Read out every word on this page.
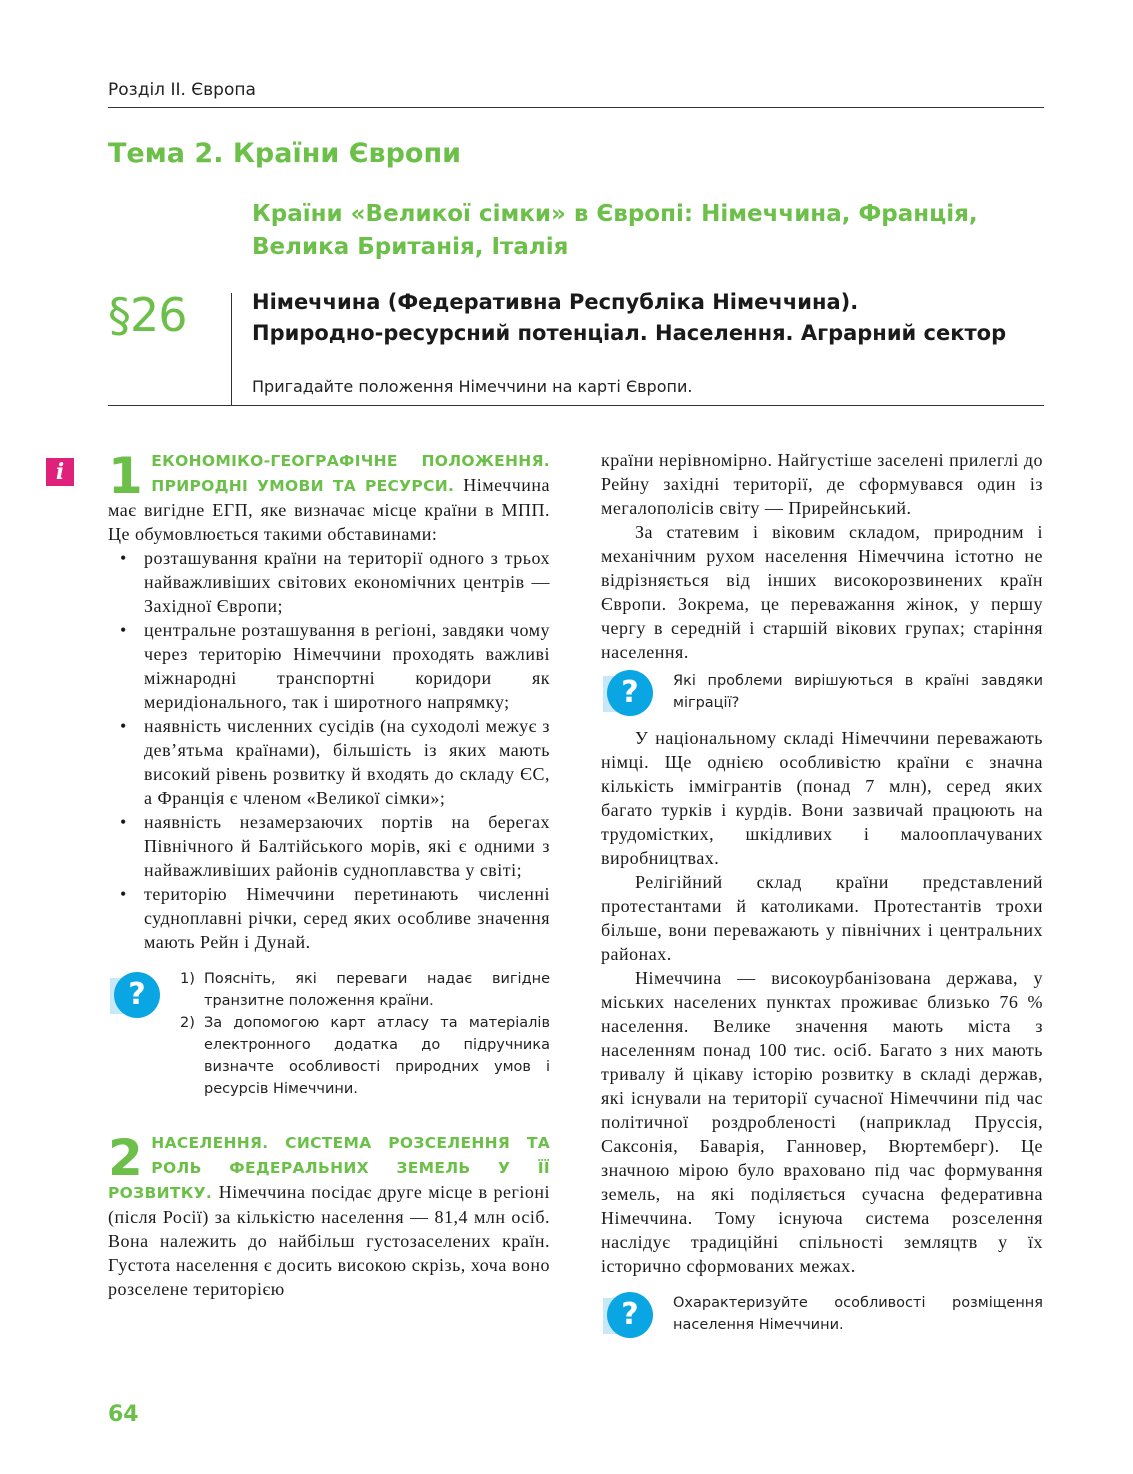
Розділ ІІ. Європа
Тема 2. Країни Європи
Країни «Великої сімки» в Європі: Німеччина, Франція,
Велика Британія, Італія
§26	Німеччина (Федеративна Республіка Німеччина).
Природно-ресурсний потенціал. Населення. Аграрний сектор
Пригадайте положення Німеччини на карті Європи.
i 1 ЕКОНОМІКО-ГЕОГРАФІЧНЕ ПОЛОЖЕННЯ. ПРИРОДНІ УМОВИ ТА РЕСУРСИ. Німеччина має вигідне ЕГП, яке визначає місце країни в МПП. Це обумовлюється такими обставинами:
• розташування країни на території одного з трьох найважливіших світових економічних центрів — Західної Європи;
• центральне розташування в регіоні, завдяки чому через територію Німеччини проходять важливі міжнародні транспортні коридори як меридіонального, так і широтного напрямку;
• наявність численних сусідів (на суходолі межує з дев’ятьма країнами), більшість із яких мають високий рівень розвитку й входять до складу ЄС, а Франція є членом «Великої сімки»;
• наявність незамерзаючих портів на берегах Північного й Балтійського морів, які є одними з найважливіших районів судноплавства у світі;
• територію Німеччини перетинають численні судноплавні річки, серед яких особливе значення мають Рейн і Дунай.
?	1) Поясніть, які переваги надає вигідне транзитне положення країни.
2) За допомогою карт атласу та матеріалів електронного додатка до підручника визначте особливості природних умов і ресурсів Німеччини.
2 НАСЕЛЕННЯ. СИСТЕМА РОЗСЕЛЕННЯ ТА РОЛЬ ФЕДЕРАЛЬНИХ ЗЕМЕЛЬ У ЇЇ РОЗВИТКУ. Німеччина посідає друге місце в регіоні (після Росії) за кількістю населення — 81,4 млн осіб. Вона належить до найбільш густозаселених країн. Густота населення є досить високою скрізь, хоча воно розселене територією

країни нерівномірно. Найгустіше заселені прилеглі до Рейну західні території, де сформувався один із мегалополісів світу — Прирейнський.

За статевим і віковим складом, природним і механічним рухом населення Німеччина істотно не відрізняється від інших високорозвинених країн Європи. Зокрема, це переважання жінок, у першу чергу в середній і старшій вікових групах; старіння населення.

?	Які проблеми вирішуються в країні завдяки міграції?

У національному складі Німеччини переважають німці. Ще однією особливістю країни є значна кількість іммігрантів (понад 7 млн), серед яких багато турків і курдів. Вони зазвичай працюють на трудомістких, шкідливих і малооплачуваних виробництвах.

Релігійний склад країни представлений протестантами й католиками. Протестантів трохи більше, вони переважають у північних і центральних районах.

Німеччина — високоурбанізована держава, у міських населених пунктах проживає близько 76 % населення. Велике значення мають міста з населенням понад 100 тис. осіб. Багато з них мають тривалу й цікаву історію розвитку в складі держав, які існували на території сучасної Німеччини під час політичної роздробленості (наприклад Пруссія, Саксонія, Баварія, Ганновер, Вюртемберг). Це значною мірою було враховано під час формування земель, на які поділяється сучасна федеративна Німеччина. Тому існуюча система розселення наслідує традиційні спільності земляцтв у їх історично сформованих межах.

?	Охарактеризуйте особливості розміщення населення Німеччини.
64
